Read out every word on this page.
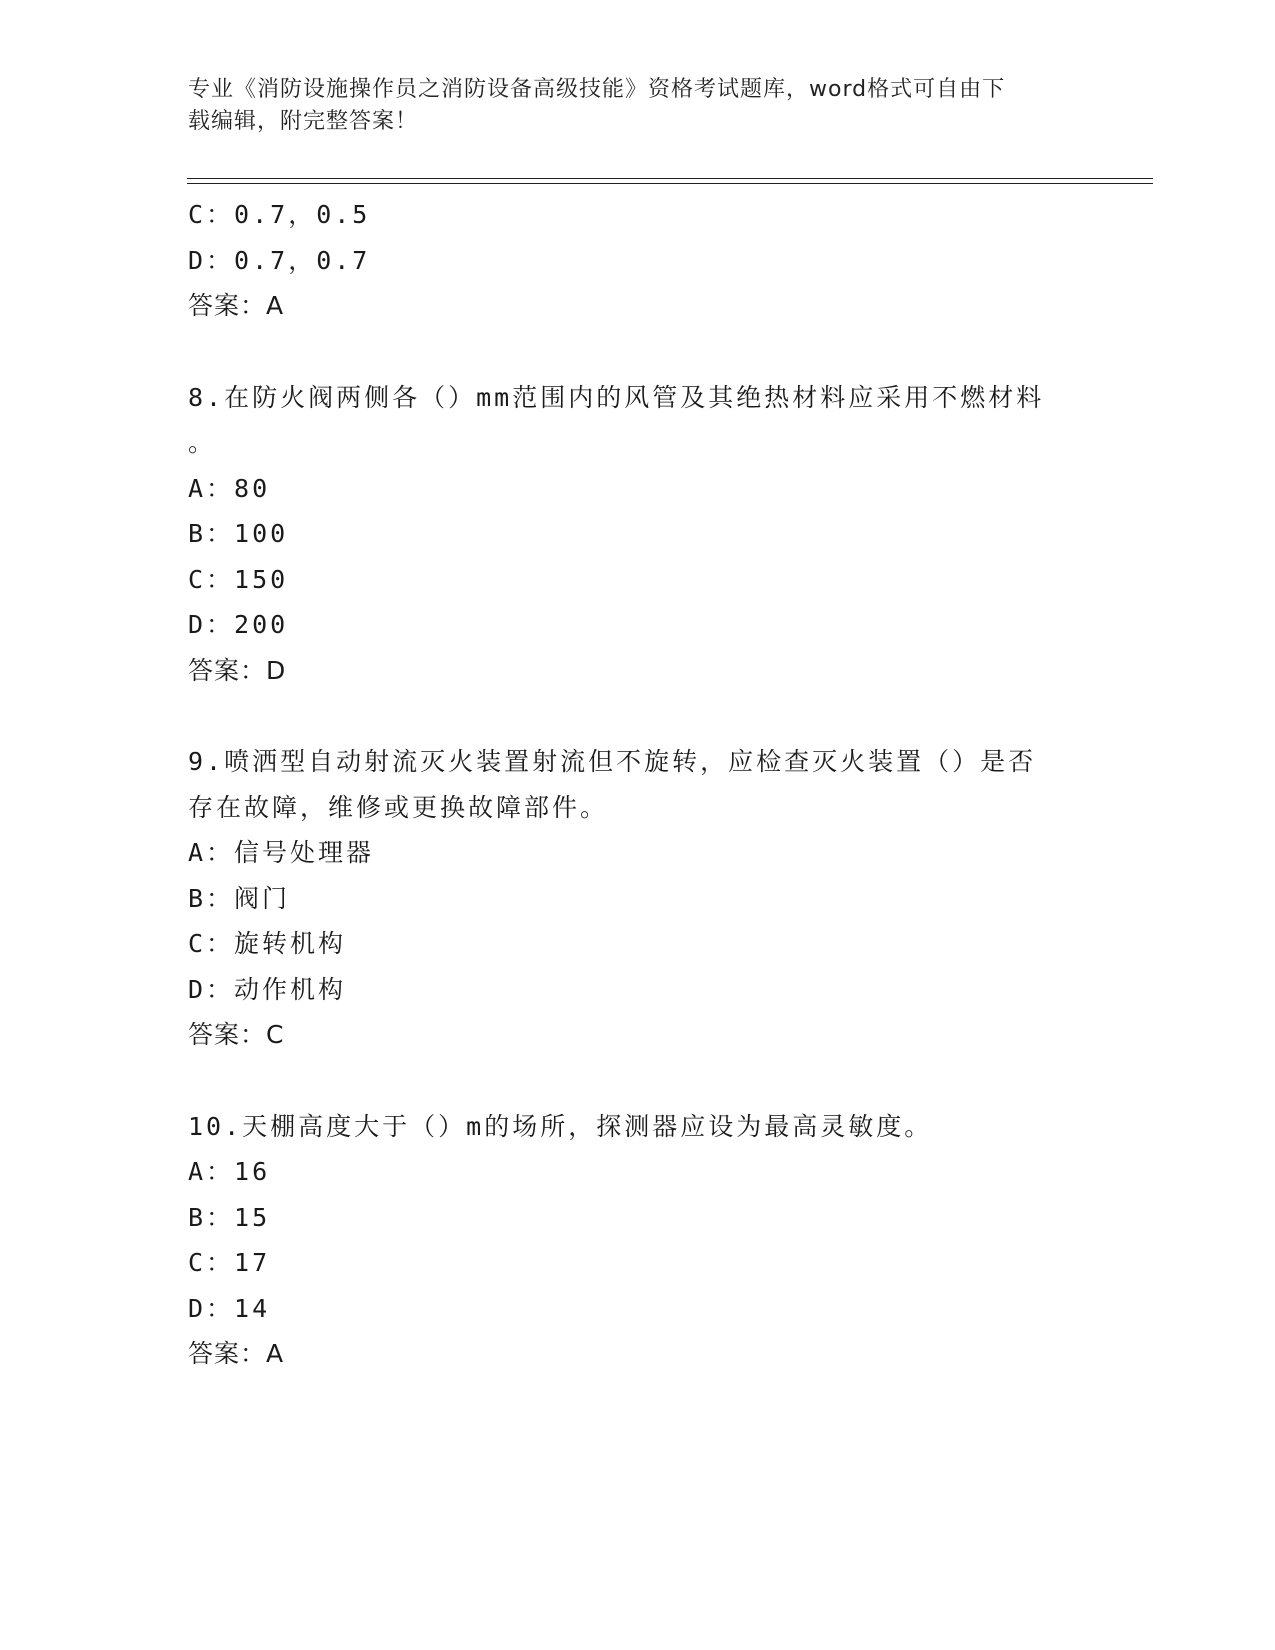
专业《消防设施操作员之消防设备高级技能》资格考试题库，word格式可自由下
载编辑，附完整答案！
C：0.7，0.5
D：0.7，0.7
答案：A
8.在防火阀两侧各（）mm范围内的风管及其绝热材料应采用不燃材料
。
A：80
B：100
C：150
D：200
答案：D
9.喷洒型自动射流灭火装置射流但不旋转，应检查灭火装置（）是否
存在故障，维修或更换故障部件。
A：信号处理器
B：阀门
C：旋转机构
D：动作机构
答案：C
10.天棚高度大于（）m的场所，探测器应设为最高灵敏度。
A：16
B：15
C：17
D：14
答案：A
